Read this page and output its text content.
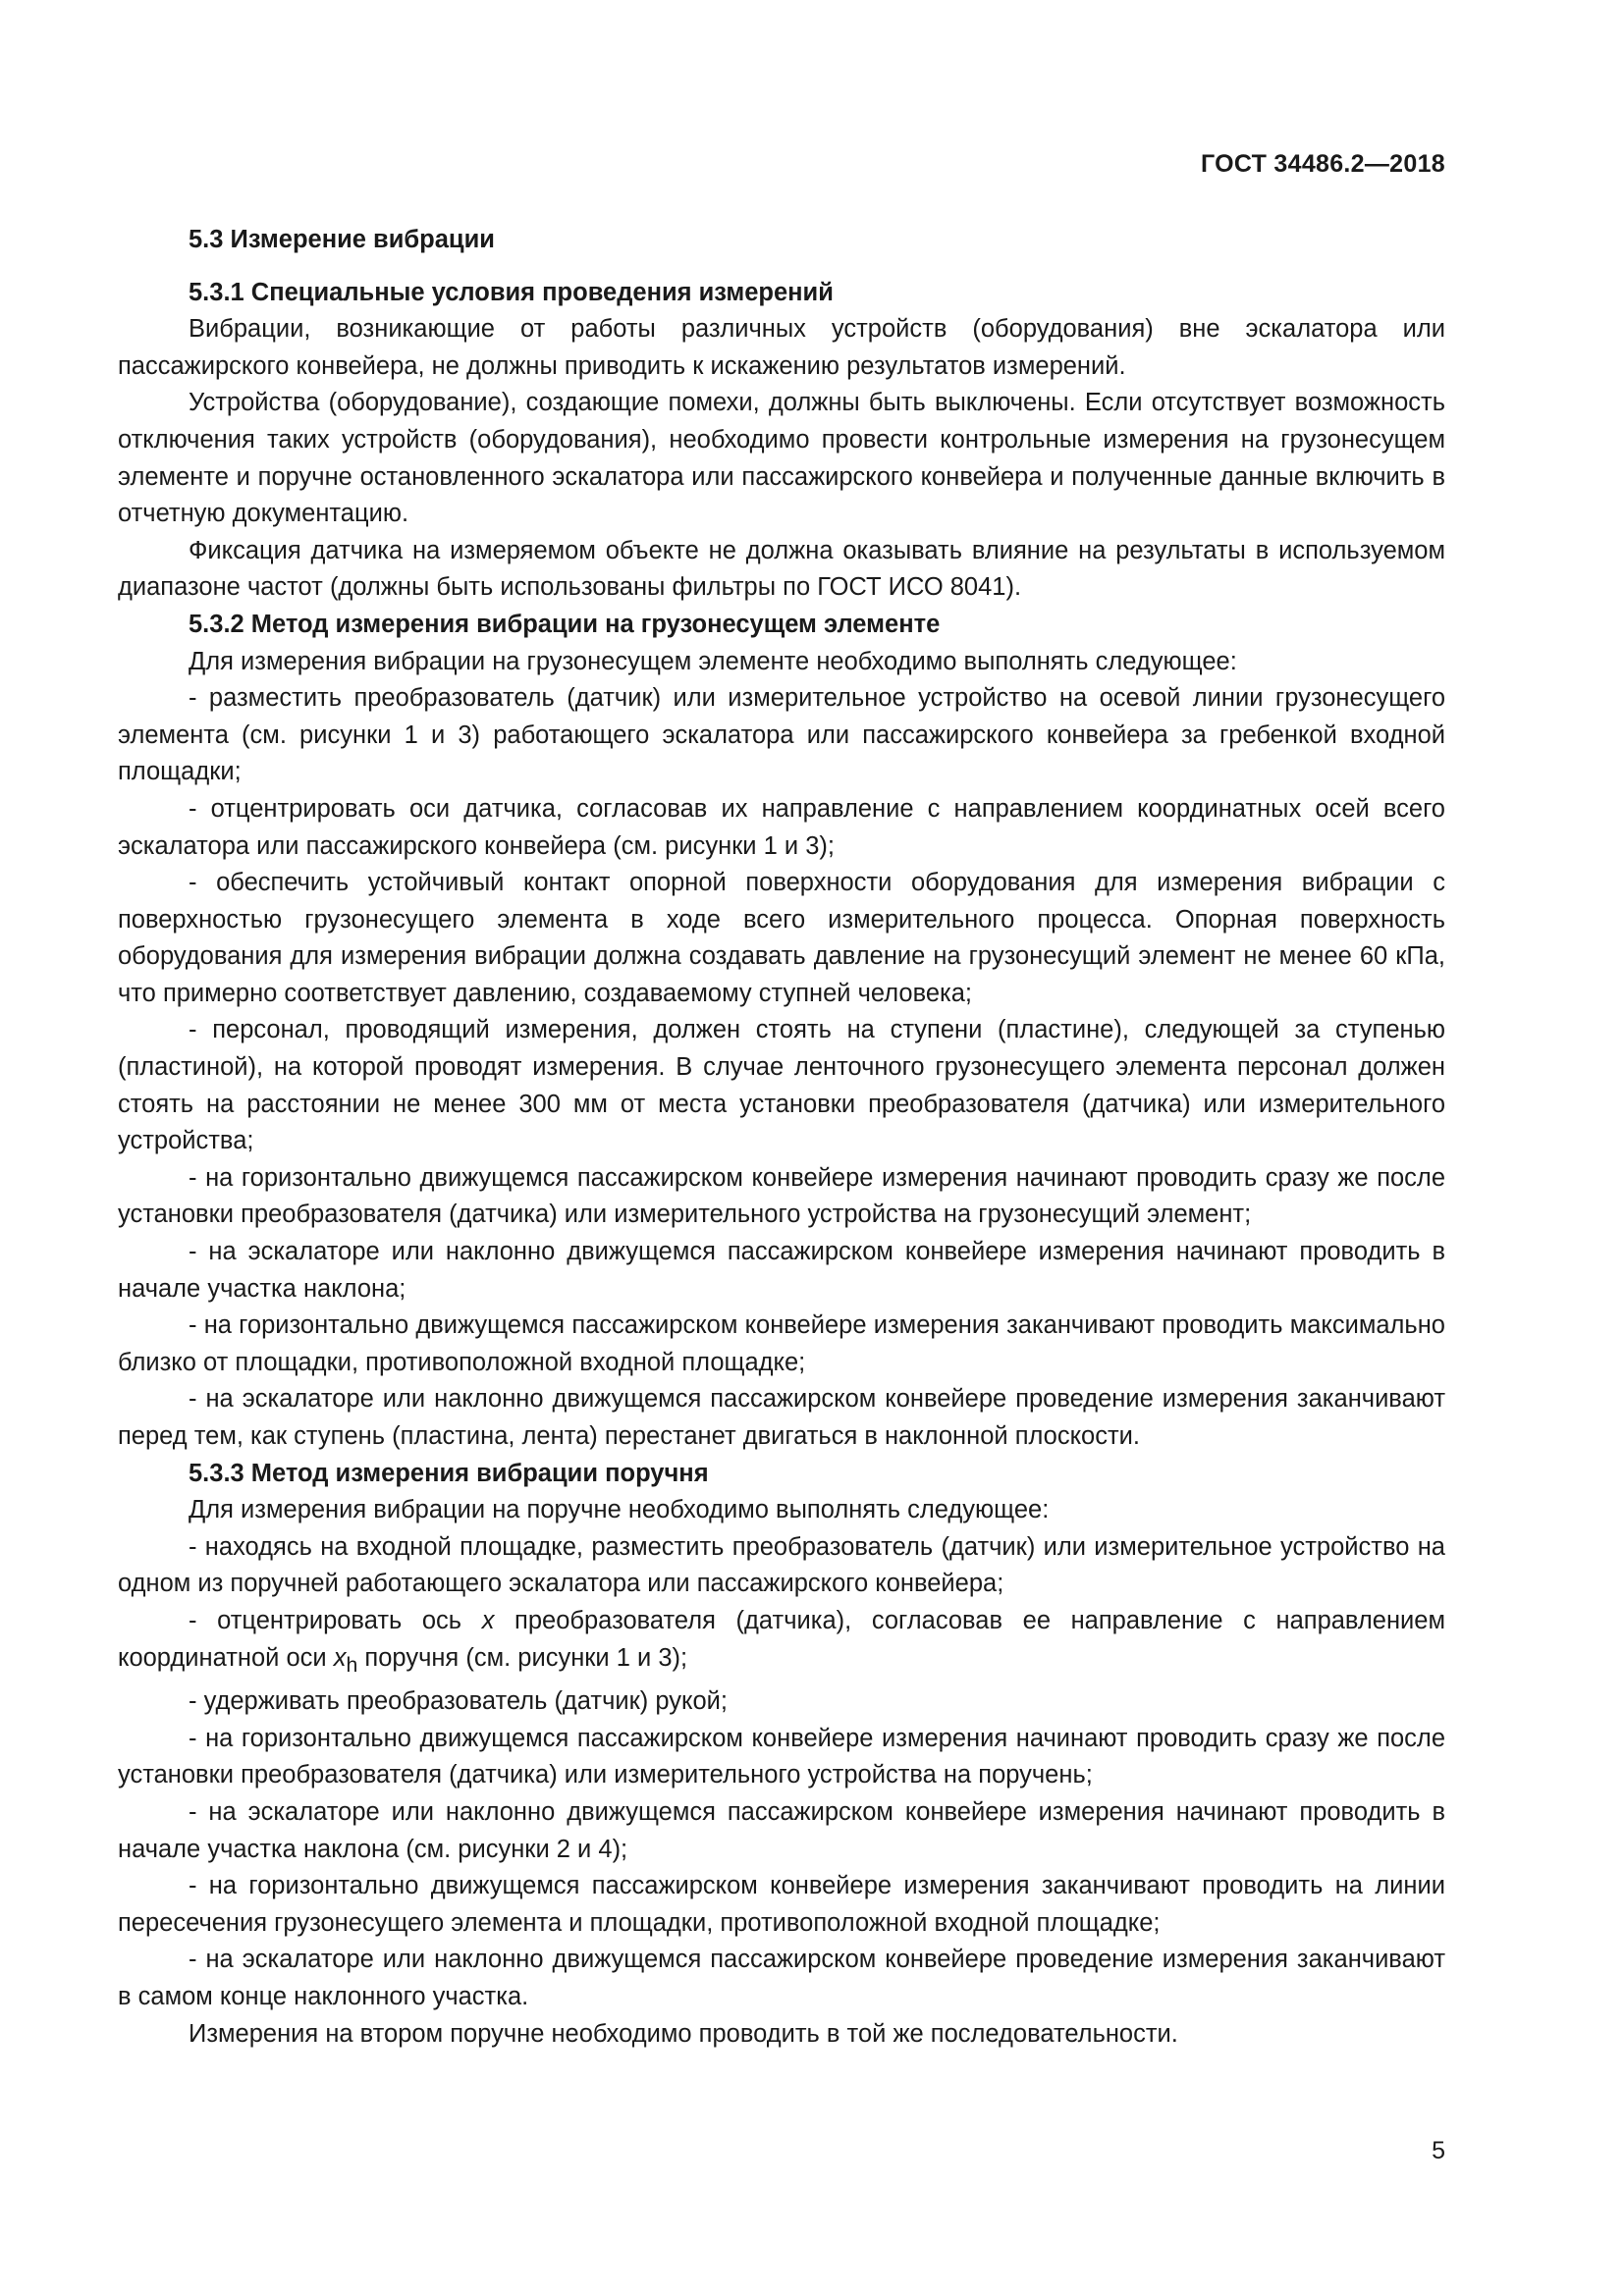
ГОСТ 34486.2—2018
5.3 Измерение вибрации
5.3.1 Специальные условия проведения измерений

Вибрации, возникающие от работы различных устройств (оборудования) вне эскалатора или пассажирского конвейера, не должны приводить к искажению результатов измерений.

Устройства (оборудование), создающие помехи, должны быть выключены. Если отсутствует возможность отключения таких устройств (оборудования), необходимо провести контрольные измерения на грузонесущем элементе и поручне остановленного эскалатора или пассажирского конвейера и полученные данные включить в отчетную документацию.

Фиксация датчика на измеряемом объекте не должна оказывать влияние на результаты в используемом диапазоне частот (должны быть использованы фильтры по ГОСТ ИСО 8041).

5.3.2 Метод измерения вибрации на грузонесущем элементе

Для измерения вибрации на грузонесущем элементе необходимо выполнять следующее:

- разместить преобразователь (датчик) или измерительное устройство на осевой линии грузонесущего элемента (см. рисунки 1 и 3) работающего эскалатора или пассажирского конвейера за гребенкой входной площадки;

- отцентрировать оси датчика, согласовав их направление с направлением координатных осей всего эскалатора или пассажирского конвейера (см. рисунки 1 и 3);

- обеспечить устойчивый контакт опорной поверхности оборудования для измерения вибрации с поверхностью грузонесущего элемента в ходе всего измерительного процесса. Опорная поверхность оборудования для измерения вибрации должна создавать давление на грузонесущий элемент не менее 60 кПа, что примерно соответствует давлению, создаваемому ступней человека;

- персонал, проводящий измерения, должен стоять на ступени (пластине), следующей за ступенью (пластиной), на которой проводят измерения. В случае ленточного грузонесущего элемента персонал должен стоять на расстоянии не менее 300 мм от места установки преобразователя (датчика) или измерительного устройства;

- на горизонтально движущемся пассажирском конвейере измерения начинают проводить сразу же после установки преобразователя (датчика) или измерительного устройства на грузонесущий элемент;

- на эскалаторе или наклонно движущемся пассажирском конвейере измерения начинают проводить в начале участка наклона;

- на горизонтально движущемся пассажирском конвейере измерения заканчивают проводить максимально близко от площадки, противоположной входной площадке;

- на эскалаторе или наклонно движущемся пассажирском конвейере проведение измерения заканчивают перед тем, как ступень (пластина, лента) перестанет двигаться в наклонной плоскости.

5.3.3 Метод измерения вибрации поручня

Для измерения вибрации на поручне необходимо выполнять следующее:

- находясь на входной площадке, разместить преобразователь (датчик) или измерительное устройство на одном из поручней работающего эскалатора или пассажирского конвейера;

- отцентрировать ось x преобразователя (датчика), согласовав ее направление с направлением координатной оси $x_h$ поручня (см. рисунки 1 и 3);

- удерживать преобразователь (датчик) рукой;

- на горизонтально движущемся пассажирском конвейере измерения начинают проводить сразу же после установки преобразователя (датчика) или измерительного устройства на поручень;

- на эскалаторе или наклонно движущемся пассажирском конвейере измерения начинают проводить в начале участка наклона (см. рисунки 2 и 4);

- на горизонтально движущемся пассажирском конвейере измерения заканчивают проводить на линии пересечения грузонесущего элемента и площадки, противоположной входной площадке;

- на эскалаторе или наклонно движущемся пассажирском конвейере проведение измерения заканчивают в самом конце наклонного участка.

Измерения на втором поручне необходимо проводить в той же последовательности.

5
